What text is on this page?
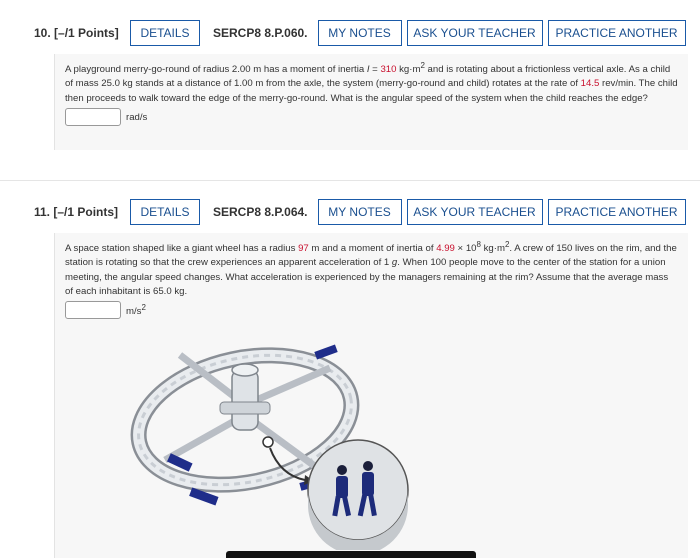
10. [–/1 Points]	DETAILS	SERCP8 8.P.060.	MY NOTES	ASK YOUR TEACHER	PRACTICE ANOTHER

A playground merry-go-round of radius 2.00 m has a moment of inertia I = 310 $kg\cdot m^2$ and is rotating about a frictionless vertical axle. As a child of mass 25.0 kg stands at a distance of 1.00 m from the axle, the system (merry-go-round and child) rotates at the rate of 14.5 rev/min. The child then proceeds to walk toward the edge of the merry-go-round. What is the angular speed of the system when the child reaches the edge?

rad/s
11. [–/1 Points]	DETAILS	SERCP8 8.P.064.	MY NOTES	ASK YOUR TEACHER	PRACTICE ANOTHER

A space station shaped like a giant wheel has a radius 97 m and a moment of inertia of $4.99 \times 10^8$ $kg\cdot m^2$. A crew of 150 lives on the rim, and the station is rotating so that the crew experiences an apparent acceleration of 1 g. When 100 people move to the center of the station for a union meeting, the angular speed changes. What acceleration is experienced by the managers remaining at the rim? Assume that the average mass of each inhabitant is 65.0 kg.

$m/s^2$
